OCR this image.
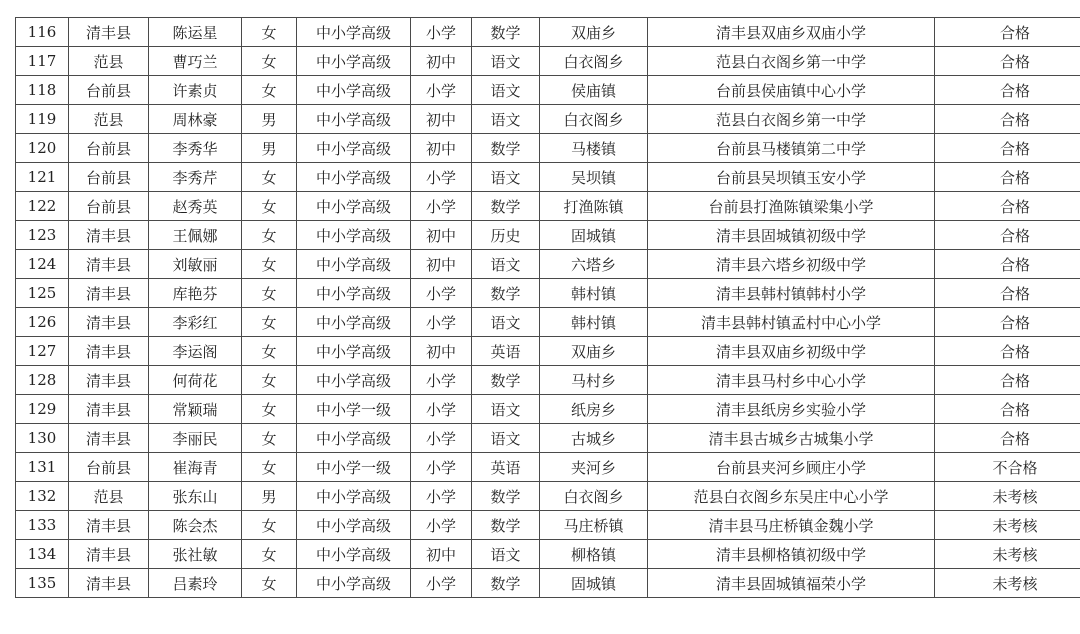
116	清丰县	陈运星	女	中小学高级	小学	数学	双庙乡	清丰县双庙乡双庙小学	合格
117	范县	曹巧兰	女	中小学高级	初中	语文	白衣阁乡	范县白衣阁乡第一中学	合格
118	台前县	许素贞	女	中小学高级	小学	语文	侯庙镇	台前县侯庙镇中心小学	合格
119	范县	周林豪	男	中小学高级	初中	语文	白衣阁乡	范县白衣阁乡第一中学	合格
120	台前县	李秀华	男	中小学高级	初中	数学	马楼镇	台前县马楼镇第二中学	合格
121	台前县	李秀芹	女	中小学高级	小学	语文	吴坝镇	台前县吴坝镇玉安小学	合格
122	台前县	赵秀英	女	中小学高级	小学	数学	打渔陈镇	台前县打渔陈镇梁集小学	合格
123	清丰县	王佩娜	女	中小学高级	初中	历史	固城镇	清丰县固城镇初级中学	合格
124	清丰县	刘敏丽	女	中小学高级	初中	语文	六塔乡	清丰县六塔乡初级中学	合格
125	清丰县	库艳芬	女	中小学高级	小学	数学	韩村镇	清丰县韩村镇韩村小学	合格
126	清丰县	李彩红	女	中小学高级	小学	语文	韩村镇	清丰县韩村镇孟村中心小学	合格
127	清丰县	李运阁	女	中小学高级	初中	英语	双庙乡	清丰县双庙乡初级中学	合格
128	清丰县	何荷花	女	中小学高级	小学	数学	马村乡	清丰县马村乡中心小学	合格
129	清丰县	常颖瑞	女	中小学一级	小学	语文	纸房乡	清丰县纸房乡实验小学	合格
130	清丰县	李丽民	女	中小学高级	小学	语文	古城乡	清丰县古城乡古城集小学	合格
131	台前县	崔海青	女	中小学一级	小学	英语	夹河乡	台前县夹河乡顾庄小学	不合格
132	范县	张东山	男	中小学高级	小学	数学	白衣阁乡	范县白衣阁乡东吴庄中心小学	未考核
133	清丰县	陈会杰	女	中小学高级	小学	数学	马庄桥镇	清丰县马庄桥镇金魏小学	未考核
134	清丰县	张社敏	女	中小学高级	初中	语文	柳格镇	清丰县柳格镇初级中学	未考核
135	清丰县	吕素玲	女	中小学高级	小学	数学	固城镇	清丰县固城镇福荣小学	未考核
